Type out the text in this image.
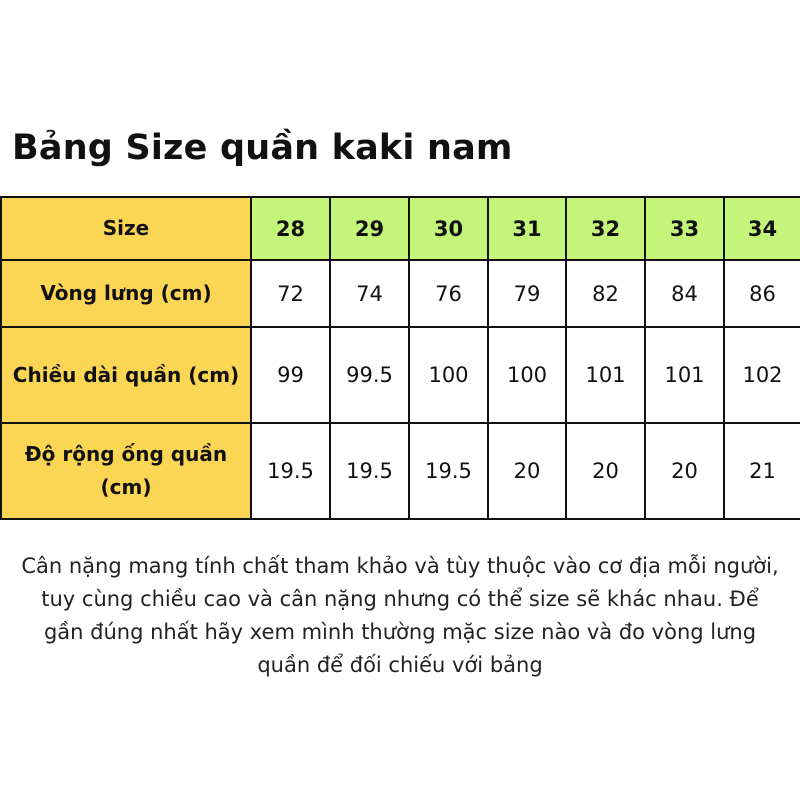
Bảng Size quần kaki nam
Size	28	29	30	31	32	33	34
Vòng lưng (cm)	72	74	76	79	82	84	86
Chiều dài quần (cm)	99	99.5	100	100	101	101	102
Độ rộng ống quần (cm)	19.5	19.5	19.5	20	20	20	21

Cân nặng mang tính chất tham khảo và tùy thuộc vào cơ địa mỗi người, tuy cùng chiều cao và cân nặng nhưng có thể size sẽ khác nhau. Để gần đúng nhất hãy xem mình thường mặc size nào và đo vòng lưng quần để đối chiếu với bảng
